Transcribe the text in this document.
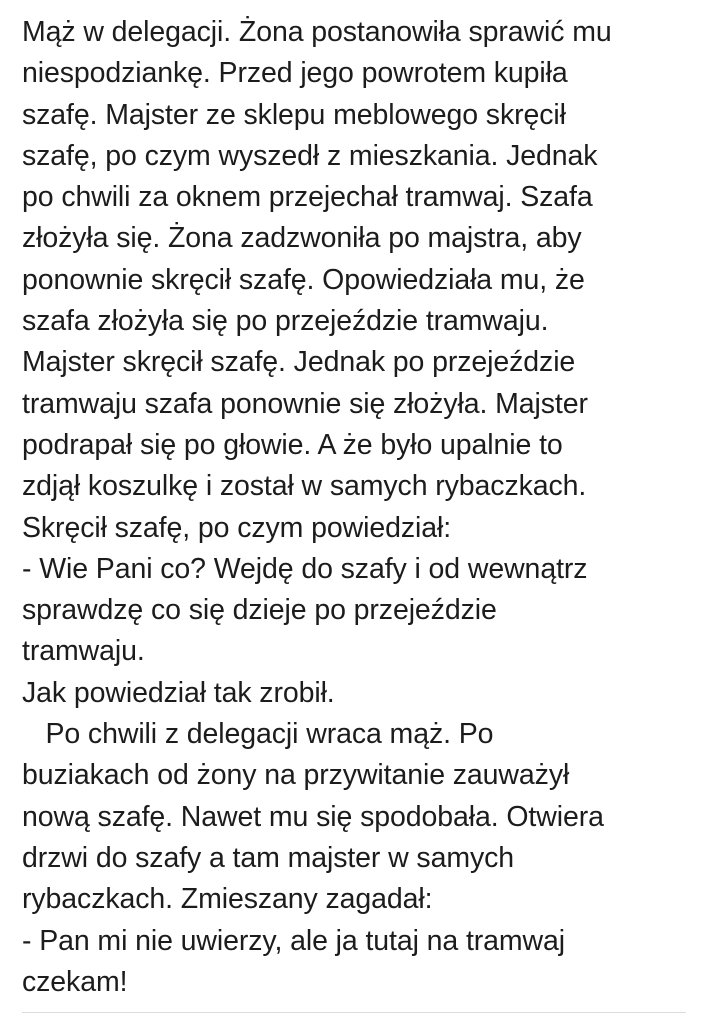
Mąż w delegacji. Żona postanowiła sprawić mu
niespodziankę. Przed jego powrotem kupiła
szafę. Majster ze sklepu meblowego skręcił
szafę, po czym wyszedł z mieszkania. Jednak
po chwili za oknem przejechał tramwaj. Szafa
złożyła się. Żona zadzwoniła po majstra, aby
ponownie skręcił szafę. Opowiedziała mu, że
szafa złożyła się po przejeździe tramwaju.
Majster skręcił szafę. Jednak po przejeździe
tramwaju szafa ponownie się złożyła. Majster
podrapał się po głowie. A że było upalnie to
zdjął koszulkę i został w samych rybaczkach.
Skręcił szafę, po czym powiedział:
- Wie Pani co? Wejdę do szafy i od wewnątrz
sprawdzę co się dzieje po przejeździe
tramwaju.
Jak powiedział tak zrobił.
Po chwili z delegacji wraca mąż. Po
buziakach od żony na przywitanie zauważył
nową szafę. Nawet mu się spodobała. Otwiera
drzwi do szafy a tam majster w samych
rybaczkach. Zmieszany zagadał:
- Pan mi nie uwierzy, ale ja tutaj na tramwaj
czekam!
